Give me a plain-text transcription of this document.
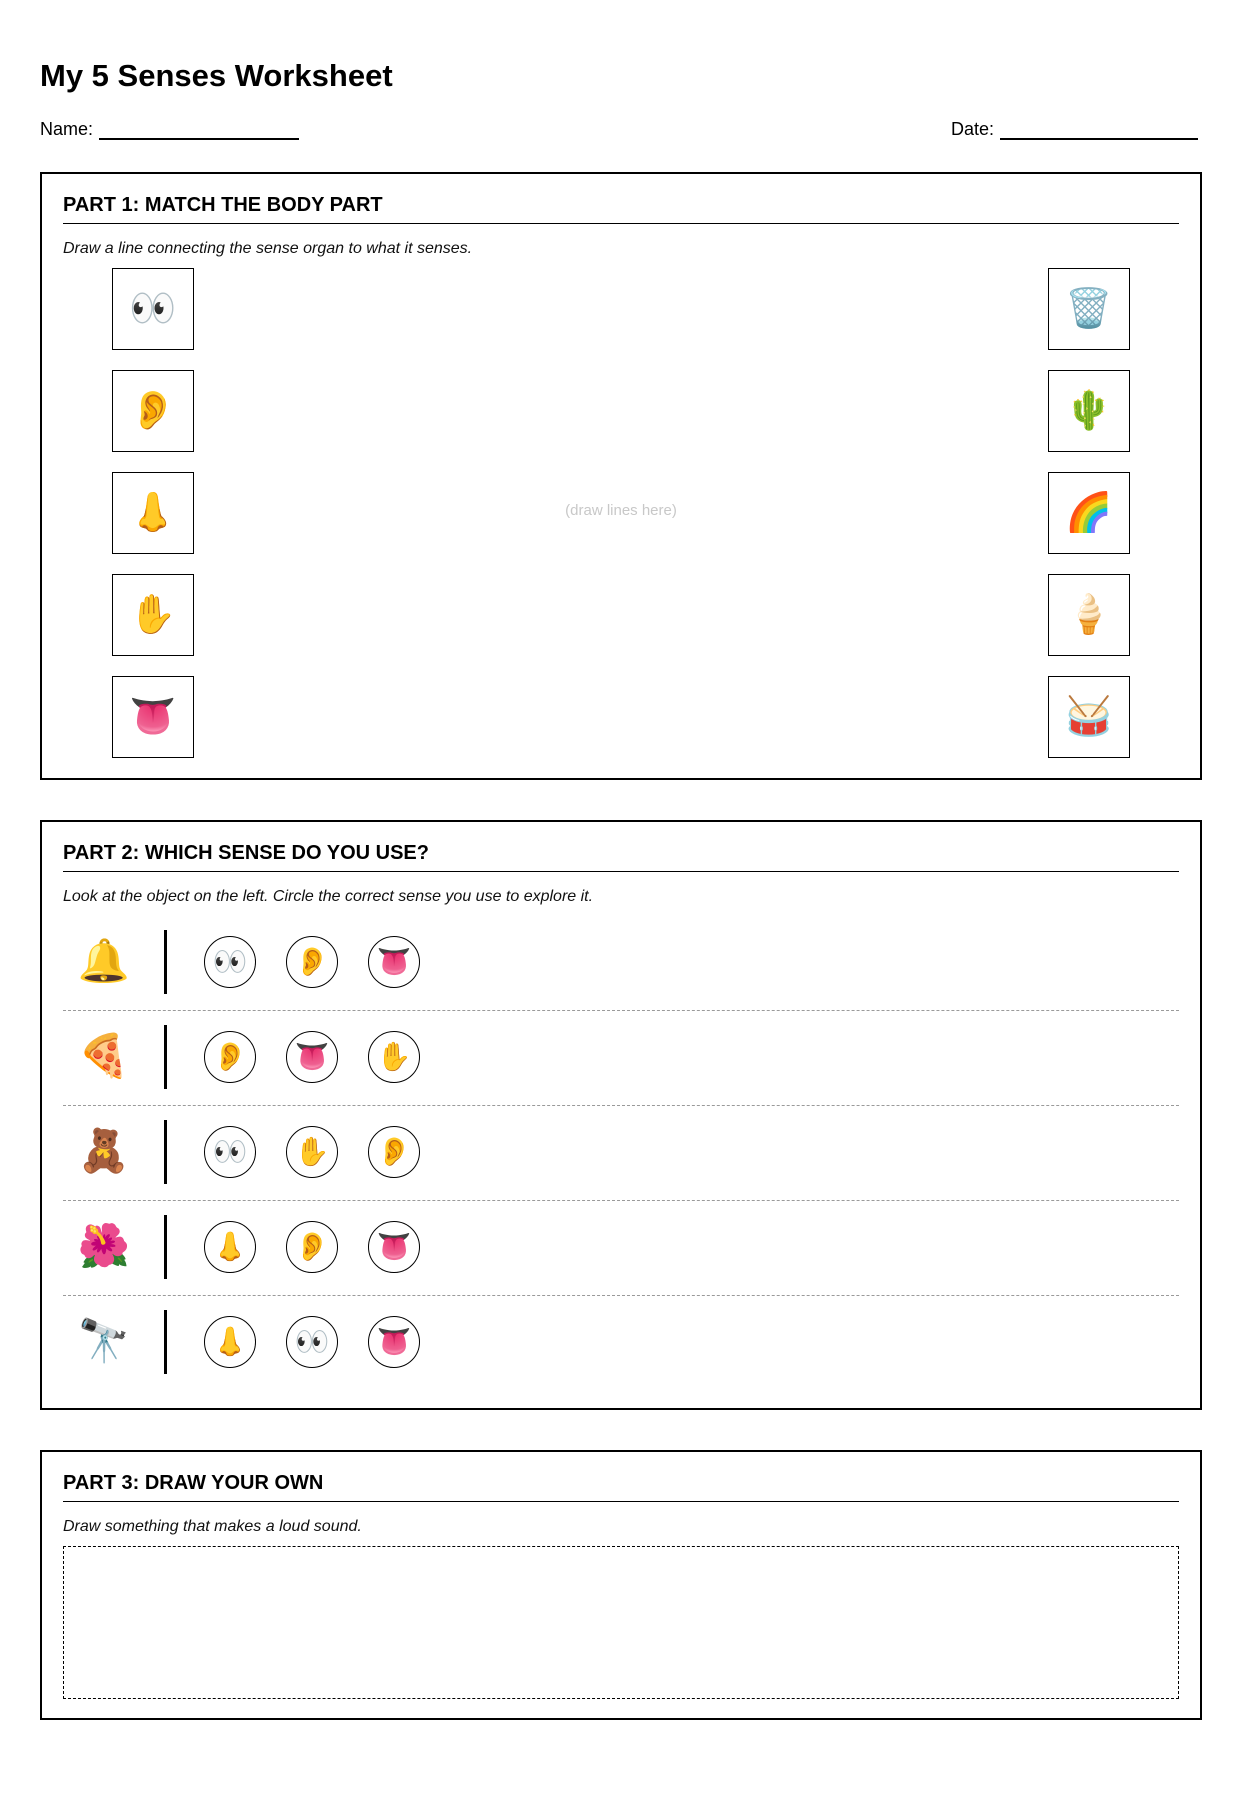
My 5 Senses Worksheet
Name:	Date:
PART 1: MATCH THE BODY PART
Draw a line connecting the sense organ to what it senses.
👀
👂
👃
✋
👅
(draw lines here)
🗑️
🌵
🌈
🍦
🥁
PART 2: WHICH SENSE DO YOU USE?
Look at the object on the left. Circle the correct sense you use to explore it.
🔔	👀 👂 👅
🍕	👂 👅 ✋
🧸	👀 ✋ 👂
🌺	👃 👂 👅
🔭	👃 👀 👅
PART 3: DRAW YOUR OWN
Draw something that makes a loud sound.
